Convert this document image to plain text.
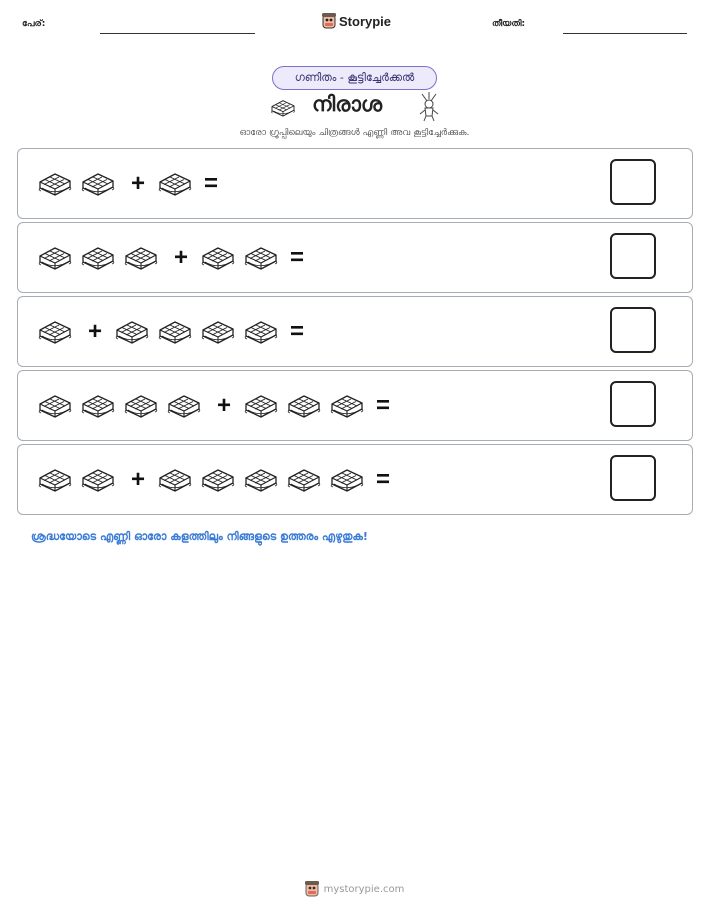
പേര്:	Storypie	തീയതി:
ഗണിതം - കൂട്ടിച്ചേർക്കൽ
നിരാശ
ഓരോ ഗ്രൂപ്പിലെയും ചിത്രങ്ങൾ എണ്ണി അവ കൂട്ടിച്ചേർക്കുക.
+	=
+	=
+	=
+	=
+	=
ശ്രദ്ധയോടെ എണ്ണി ഓരോ കളത്തിലും നിങ്ങളുടെ ഉത്തരം എഴുതുക!
mystorypie.com
